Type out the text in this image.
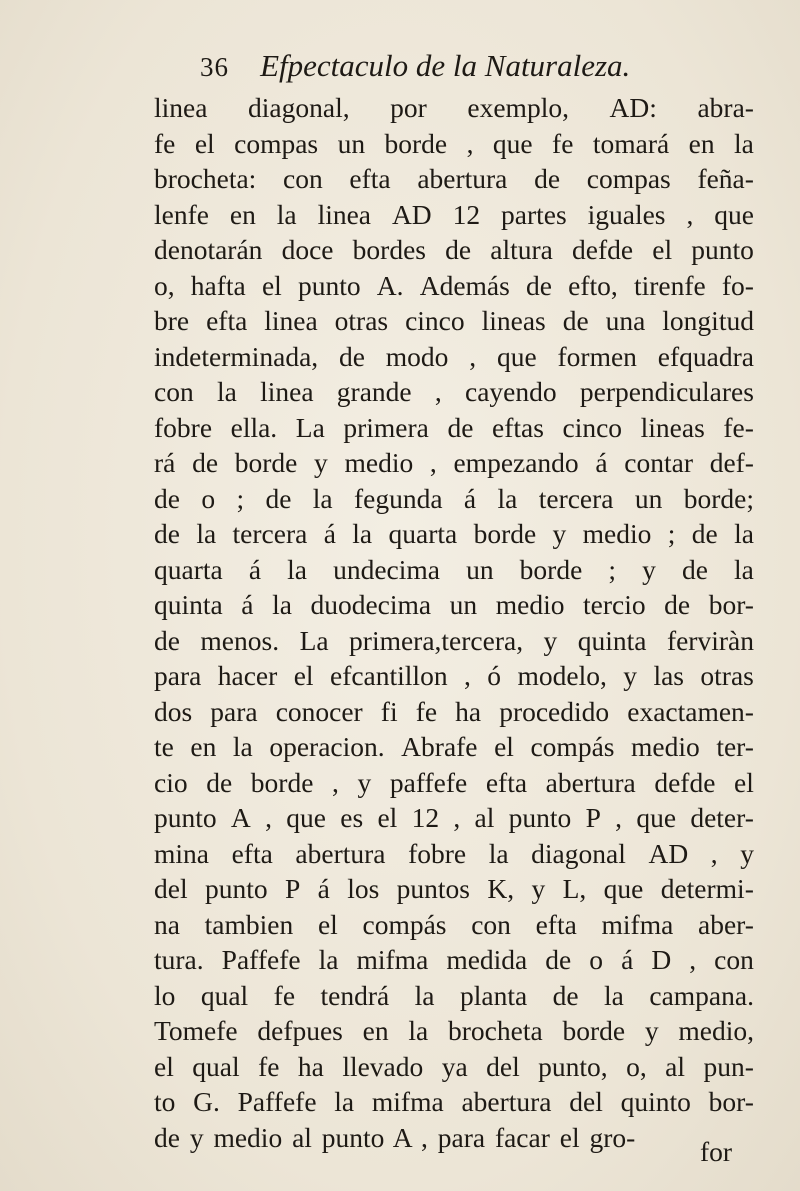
36 Efpectaculo de la Naturaleza.
linea diagonal, por exemplo, AD: abra-
fe el compas un borde , que fe tomará en la
brocheta: con efta abertura de compas feña-
lenfe en la linea AD 12 partes iguales , que
denotarán doce bordes de altura defde el punto
o, hafta el punto A. Además de efto, tirenfe fo-
bre efta linea otras cinco lineas de una longitud
indeterminada, de modo , que formen efquadra
con la linea grande , cayendo perpendiculares
fobre ella. La primera de eftas cinco lineas fe-
rá de borde y medio , empezando á contar def-
de o ; de la fegunda á la tercera un borde;
de la tercera á la quarta borde y medio ; de la
quarta á la undecima un borde ; y de la
quinta á la duodecima un medio tercio de bor-
de menos. La primera,tercera, y quinta ferviràn
para hacer el efcantillon , ó modelo, y las otras
dos para conocer fi fe ha procedido exactamen-
te en la operacion. Abrafe el compás medio ter-
cio de borde , y paffefe efta abertura defde el
punto A , que es el 12 , al punto P , que deter-
mina efta abertura fobre la diagonal AD , y
del punto P á los puntos K, y L, que determi-
na tambien el compás con efta mifma aber-
tura. Paffefe la mifma medida de o á D , con
lo qual fe tendrá la planta de la campana.
Tomefe defpues en la brocheta borde y medio,
el qual fe ha llevado ya del punto, o, al pun-
to G. Paffefe la mifma abertura del quinto bor-
de y medio al punto A , para facar el gro-	for
